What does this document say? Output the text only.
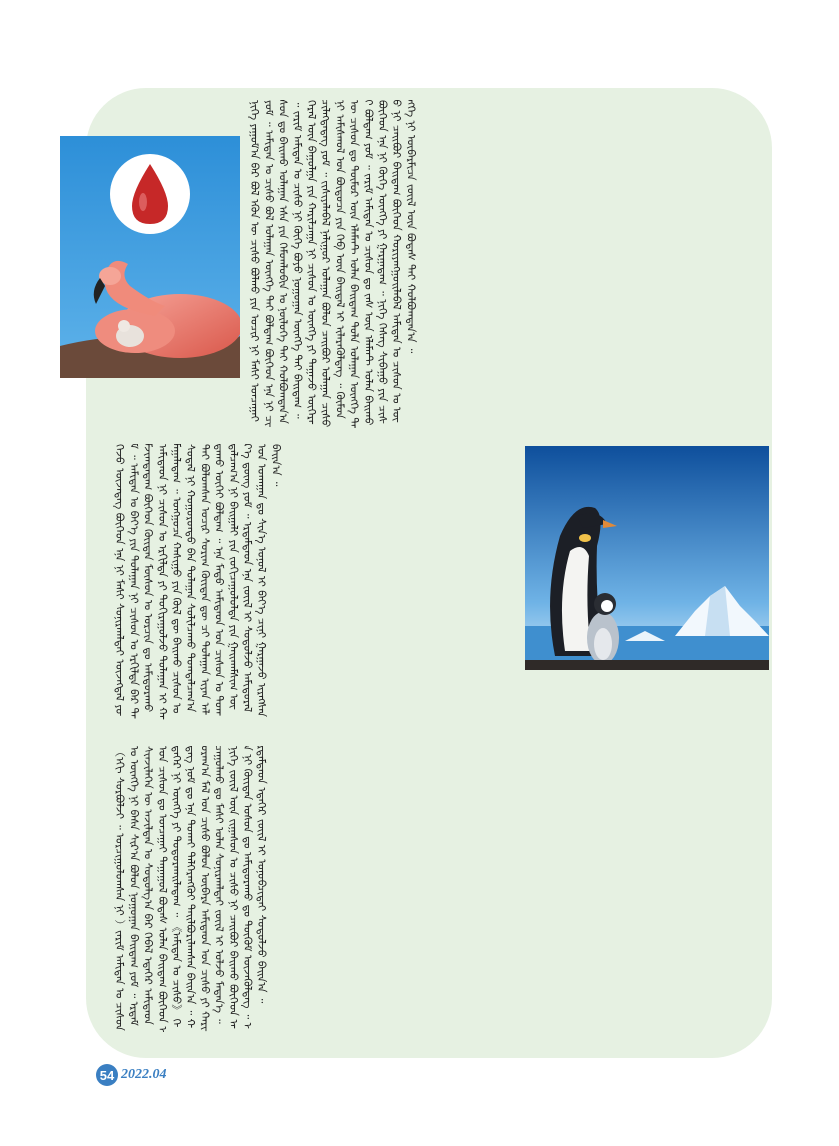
ᠨᠢᠭᠡ ᠶᠠᠭᠤᠮ᠎ᠠ ᠪᠡᠷ ᠪᠣᠯ ᠡᠭᠦᠨ ᠦ ᠴᠢᠰᠤ ᠪᠣᠯᠬᠤ ᠶᠢᠨ ᠤᠴᠢᠷ ᠨᠢ ᠮᠠᠰᠢ ᠣᠨᠴᠠᠭᠠᠢ ᠶᠤᠮ ᠃ ᠠᠮᠢᠲᠠᠨ ᠤ ᠴᠢᠰᠤ ᠪᠣᠯ ᠤᠯᠠᠭᠠᠨ ᠥᠩᠭᠡ ᠲᠡᠢ ᠪᠣᠯᠳᠠᠭ ᠪᠥᠭᠡᠳ ᠡᠨᠡ ᠨᠢ ᠴᠢᠰᠤᠨ ᠳᠤ ᠪᠠᠢᠬᠤ ᠤᠯᠠᠭᠠᠨ ᠡᠰᠡ ᠶᠢᠨ ᠭᠡᠮᠣᠭᠯᠣᠪᠢᠨ ᠤ ᠨᠥᠯᠦᠭᠡ ᠲᠡᠢ ᠬᠣᠯᠪᠣᠭᠳᠠᠨ᠎ᠠ ᠃ ᠵᠠᠷᠢᠮ ᠠᠮᠢᠲᠠᠨ ᠤ ᠴᠢᠰᠤ ᠨᠢ ᠬᠥᠬᠡ ᠪᠣᠶᠤ ᠨᠣᠭᠤᠭᠠᠨ ᠥᠩᠭᠡ ᠲᠡᠢ ᠪᠠᠢᠳᠠᠭ ᠃ ᠭᠡᠷᠡᠯ ᠦᠨ ᠪᠠᠭᠤᠯᠭᠠ ᠶᠢᠨ ᠬᠠᠷᠢᠯᠴᠠᠭᠠ ᠨᠢ ᠴᠢᠰᠤᠨ ᠤ ᠥᠩᠭᠡ ᠶᠢ ᠳᠠᠭᠠᠵᠤ ᠥᠭᠡᠷᠡᠴᠢᠯᠡᠭᠳᠡᠳᠡᠭ ᠶᠤᠮ ᠃ ᠵᠢᠱᠢᠶᠡᠯᠡᠪᠡᠯ ᠨᠠᠯᠢᠭᠤᠷ ᠤᠯᠠᠭᠠᠨ ᠪᠣᠯᠤᠨ ᠴᠠᠢᠪᠤᠷ ᠤᠯᠠᠭᠠᠨ ᠴᠢᠰᠤ ᠨᠢ ᠠᠮᠢᠰᠬᠤᠯ ᠤᠨ ᠪᠦᠲᠦᠴᠡ ᠶᠢᠨ ᠬᠡᠪ ᠦᠨ ᠪᠠᠢᠳᠠᠯ ᠢ ᠢᠯᠡᠷᠡᠭᠦᠯᠳᠡᠭ ᠃ ᠬᠦᠮᠦᠨ ᠦ ᠴᠢᠰᠤᠨ ᠳᠤ ᠲᠥᠮᠦᠷ ᠦᠨ ᠡᠯᠡᠮᠡᠨᠲ ᠣᠯᠠᠨ ᠪᠠᠢᠳᠠᠭ ᠲᠤᠯᠠ ᠤᠯᠠᠭᠠᠨ ᠥᠩᠭᠡ ᠲᠡᠢ ᠪᠣᠯᠳᠠᠭ ᠶᠤᠮ ᠃ ᠵᠠᠷᠢᠮ ᠠᠮᠢᠲᠠᠨ ᠤ ᠴᠢᠰᠤᠨ ᠳᠤ ᠵᠡᠰ ᠦᠨ ᠡᠯᠡᠮᠡᠨᠲ ᠣᠯᠠᠨ ᠪᠠᠢᠬᠤ ᠪᠥᠭᠡᠳ ᠡᠨᠡ ᠨᠢ ᠬᠥᠬᠡ ᠥᠩᠭᠡ ᠶᠢ ᠭᠠᠷᠭᠠᠳᠠᠭ ᠃ ᠨᠢᠭᠡ ᠬᠡᠰᠡᠭ ᠰᠢᠪᠠᠭᠤ ᠶᠢᠨ ᠴᠢᠰᠤ ᠨᠢ ᠴᠠᠢᠪᠤᠷ ᠪᠠᠢᠳᠠᠭ ᠪᠥᠭᠡᠳ ᠬᠤᠷᠢᠶᠠᠩᠭᠤᠢᠯᠠᠪᠠᠯ ᠠᠮᠢᠲᠠᠨ ᠤ ᠴᠢᠰᠤᠨ ᠤ ᠥᠩᠭᠡ ᠨᠢ ᠥᠪᠡᠷᠮᠢᠴᠡ ᠵᠦᠢᠯ ᠦᠨ ᠪᠣᠳᠠᠰ ᠲᠠᠢ ᠬᠣᠯᠪᠣᠭᠳᠠᠨ᠎ᠠ ᠃
ᠭᠡᠵᠦ ᠦᠵᠡᠳᠡᠭ ᠪᠥᠭᠡᠳ ᠡᠨᠡ ᠨᠢ ᠮᠠᠰᠢ ᠰᠣᠨᠢᠷᠬᠠᠯᠲᠠᠢ ᠦᠵᠡᠭᠳᠡᠯ ᠶᠤᠮ ᠃ ᠠᠮᠢᠲᠠᠨ ᠤ ᠪᠡᠶ᠎ᠡ ᠶᠢᠨ ᠳᠤᠯᠠᠭᠠᠨ ᠨᠢ ᠴᠢᠰᠤᠨ ᠤ ᠡᠷᠭᠢᠯᠲᠡ ᠪᠡᠷ ᠳᠠᠮᠵᠢᠭᠳᠠᠳᠠᠭ ᠪᠥᠭᠡᠳ ᠬᠦᠢᠲᠡᠨ ᠮᠥᠰᠦᠨ ᠤ ᠣᠷᠴᠢᠨ ᠳᠤ ᠠᠮᠢᠳᠤᠷᠠᠬᠤ ᠠᠮᠢᠲᠠᠳ ᠨᠢ ᠴᠢᠰᠤᠨ ᠤ ᠡᠷᠭᠢᠯᠲᠡ ᠶᠢ ᠲᠣᠬᠢᠷᠠᠭᠤᠯᠵᠤ ᠳᠤᠯᠠᠭᠠᠨ ᠢ ᠬᠠᠮᠠᠭᠠᠯᠠᠳᠠᠭ ᠃ ᠣᠩᠭᠤᠴᠠ ᠬᠠᠰᠢᠭᠤ ᠶᠢᠨ ᠬᠥᠯ ᠳᠦ ᠪᠠᠢᠬᠤ ᠴᠢᠰᠤᠨ ᠤ ᠰᠤᠳᠠᠯ ᠨᠢ ᠬᠣᠭᠣᠷᠣᠨᠳᠣ ᠪᠡᠨ ᠳᠤᠯᠠᠭᠠᠨ ᠰᠣᠯᠢᠯᠴᠠᠬᠤ ᠲᠣᠭᠲᠠᠯᠴᠠᠭ᠎ᠠ ᠲᠠᠢ ᠪᠣᠯᠤᠭᠰᠠᠨ ᠤᠴᠢᠷ ᠰᠤᠷᠢᠭ ᠬᠦᠢᠲᠡᠨ ᠳᠦ ᠴᠢ ᠳᠤᠯᠠᠭᠠᠨ ᠢᠶᠠᠨ ᠠᠯᠳᠠᠬᠤ ᠦᠭᠡᠢ ᠪᠣᠯᠳᠠᠭ ᠃ ᠡᠨᠡ ᠮᠡᠲᠦ ᠠᠮᠢᠲᠠᠳ ᠤᠨ ᠴᠢᠰᠤᠨ ᠤ ᠲᠣᠭᠲᠠᠯᠴᠠᠭ᠎ᠠ ᠨᠢ ᠪᠠᠢᠭᠠᠯᠢ ᠶᠢᠨ ᠵᠣᠬᠢᠴᠠᠭᠤᠯᠤᠯᠲᠠ ᠶᠢᠨ ᠭᠠᠢᠬᠠᠮᠰᠢᠭ ᠦᠷ᠎ᠡ ᠳ᠋ᠦᠩ ᠶᠤᠮ ᠃ ᠡᠷᠳᠡᠮᠲᠡᠳ ᠡᠨᠡ ᠵᠦᠢᠯ ᠢ ᠰᠤᠳᠤᠯᠵᠤ ᠠᠮᠢᠳᠤᠷᠠᠯ ᠤᠨ ᠤᠬᠠᠭᠠᠨ ᠳᠤ ᠰᠢᠨ᠎ᠡ ᠣᠨᠣᠯ ᠢ ᠪᠡᠶ᠎ᠡ ᠴᠢᠨᠢ ᠭᠠᠷᠭᠠᠵᠤ ᠢᠷᠡᠭᠰᠡᠨ ᠪᠠᠢᠨ᠎ᠠ ᠃
（ᠡᠬᠢ ᠰᠤᠷᠪᠤᠯᠵᠢ ᠃ ᠣᠷᠴᠢᠭᠤᠯᠤᠭᠰᠠᠨ ᠨᠢ ）ᠵᠠᠷᠢᠮ ᠠᠮᠢᠲᠠᠨ ᠤ ᠴᠢᠰᠤᠨ ᠤ ᠥᠩᠭᠡ ᠨᠢ ᠪᠠᠰᠠ ᠰᠢᠷ᠎ᠠ ᠪᠣᠯᠤᠨ ᠨᠣᠭᠤᠭᠠᠨ ᠪᠠᠢᠳᠠᠭ ᠶᠤᠮ ᠃ ᠡᠷᠳᠡᠮ ᠰᠢᠨᠵᠢᠯᠡᠭᠡᠨ ᠦ ᠠᠵᠢᠯᠲᠠᠨ ᠤ ᠰᠤᠳᠤᠯᠭ᠎ᠠ ᠪᠡᠷ ᠬᠡᠪᠡᠯ ᠡᠳᠡᠭᠡᠷ ᠠᠮᠢᠲᠠᠳ ᠤᠨ ᠴᠢᠰᠤᠨ ᠳᠤ ᠣᠨᠴᠠᠭᠠᠢ ᠳᠠᠭᠠᠭᠤᠯ ᠪᠣᠳᠠᠰ ᠣᠯᠠᠨ ᠪᠠᠢᠳᠠᠭ ᠪᠥᠭᠡᠳ ᠡᠳᠡᠭᠡᠷ ᠨᠢ ᠥᠩᠭᠡ ᠶᠢ ᠲᠣᠳᠤᠷᠬᠠᠢᠯᠠᠳᠠᠭ ᠃ 《ᠠᠮᠢᠲᠠᠨ ᠤ ᠴᠢᠰᠤ》 ᠭᠡᠳᠡᠭ ᠨᠣᠮ ᠳᠤ ᠡᠨᠡ ᠲᠤᠬᠠᠢ ᠳᠡᠯᠭᠡᠷᠡᠩᠭᠦᠢ ᠲᠠᠢᠯᠪᠤᠷᠢᠯᠠᠭᠰᠠᠨ ᠪᠠᠢᠨ᠎ᠠ ᠃ ᠬᠤᠷᠠᠭ᠎ᠠ ᠮᠠᠯ ᠤᠨ ᠴᠢᠰᠤ ᠪᠣᠯᠤᠨ ᠥᠪᠡᠷᠡ ᠠᠮᠢᠲᠠᠳ ᠤᠨ ᠴᠢᠰᠤ ᠶᠢ ᠬᠠᠷᠢᠴᠠᠭᠤᠯᠬᠤ ᠳᠤ ᠮᠠᠰᠢ ᠣᠯᠠᠨ ᠰᠣᠨᠢᠷᠬᠠᠯᠲᠠᠢ ᠵᠦᠢᠯ ᠢ ᠣᠯᠵᠤ ᠮᠡᠳᠡᠨ᠎ᠡ ᠃ ᠨᠢᠭᠡ ᠵᠦᠢᠯ ᠦᠨ ᠵᠢᠭᠠᠰᠤᠨ ᠤ ᠴᠢᠰᠤ ᠨᠢ ᠴᠠᠢᠪᠤᠷ ᠪᠠᠢᠬᠤ ᠪᠥᠭᠡᠳ ᠡᠨᠡ ᠨᠢ ᠬᠦᠢᠲᠡᠨ ᠤᠰᠤᠨ ᠳᠤ ᠠᠮᠢᠳᠤᠷᠠᠬᠤ ᠳᠤ ᠳᠦᠬᠦᠮ ᠦᠵᠡᠭᠦᠯᠳᠡᠭ ᠃ ᠡᠷᠳᠡᠮᠲᠡᠳ ᠡᠳᠡᠭᠡᠷ ᠵᠦᠢᠯ ᠢ ᠣᠨᠣᠪᠴᠢᠲᠠᠢ ᠰᠤᠳᠤᠯᠵᠤ ᠪᠠᠢᠨ᠎ᠠ ᠃
54 2022.04
